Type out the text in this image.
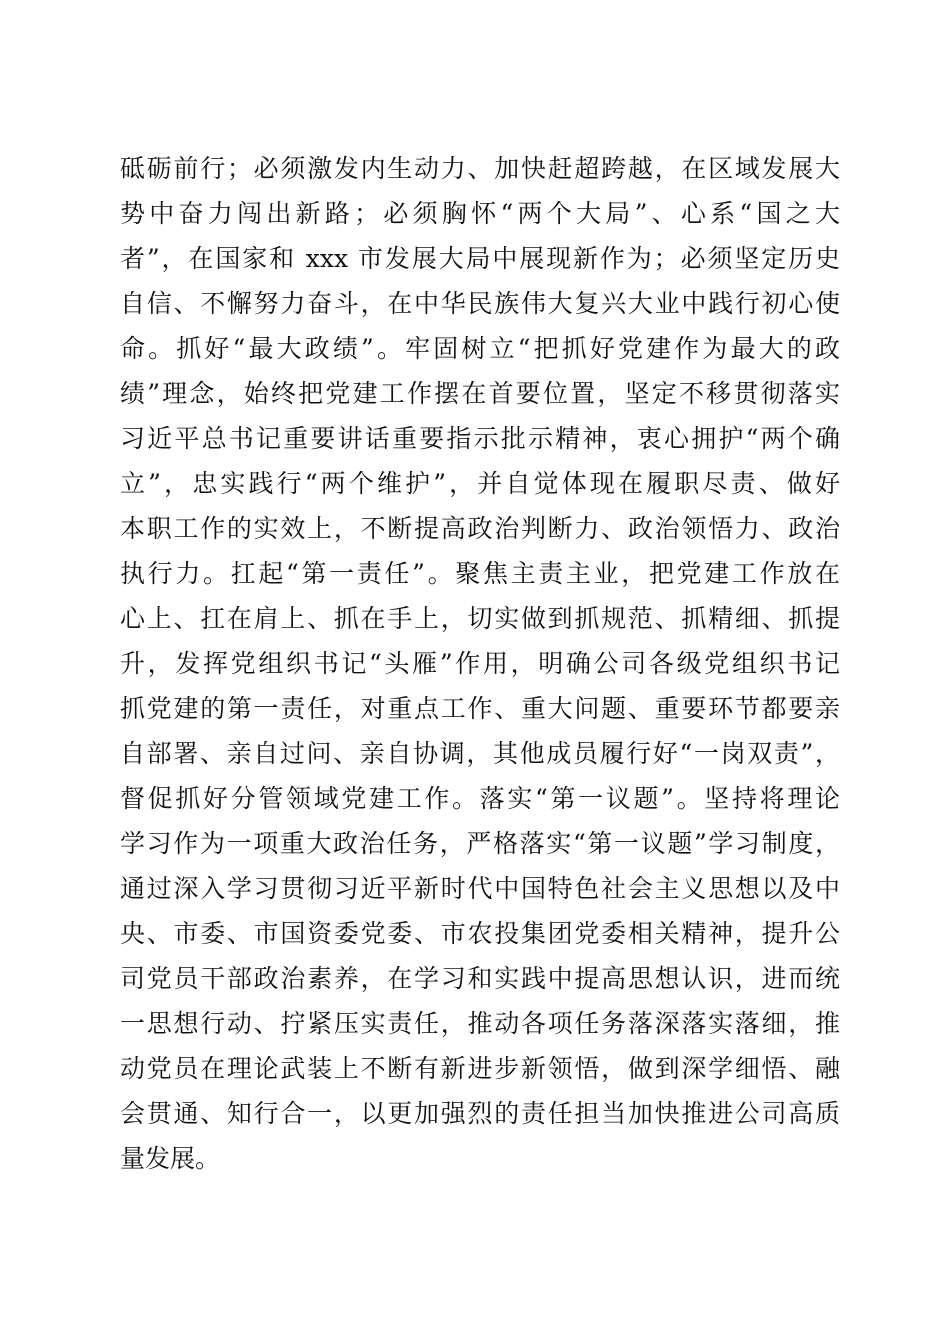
砥砺前行；必须激发内生动力、加快赶超跨越，在区域发展大
势中奋力闯出新路；必须胸怀“两个大局”、心系“国之大
者”，在国家和 xxx 市发展大局中展现新作为；必须坚定历史
自信、不懈努力奋斗，在中华民族伟大复兴大业中践行初心使
命。抓好“最大政绩”。牢固树立“把抓好党建作为最大的政
绩”理念，始终把党建工作摆在首要位置，坚定不移贯彻落实
习近平总书记重要讲话重要指示批示精神，衷心拥护“两个确
立”，忠实践行“两个维护”，并自觉体现在履职尽责、做好
本职工作的实效上，不断提高政治判断力、政治领悟力、政治
执行力。扛起“第一责任”。聚焦主责主业，把党建工作放在
心上、扛在肩上、抓在手上，切实做到抓规范、抓精细、抓提
升，发挥党组织书记“头雁”作用，明确公司各级党组织书记
抓党建的第一责任，对重点工作、重大问题、重要环节都要亲
自部署、亲自过问、亲自协调，其他成员履行好“一岗双责”，
督促抓好分管领域党建工作。落实“第一议题”。坚持将理论
学习作为一项重大政治任务，严格落实“第一议题”学习制度，
通过深入学习贯彻习近平新时代中国特色社会主义思想以及中
央、市委、市国资委党委、市农投集团党委相关精神，提升公
司党员干部政治素养，在学习和实践中提高思想认识，进而统
一思想行动、拧紧压实责任，推动各项任务落深落实落细，推
动党员在理论武装上不断有新进步新领悟，做到深学细悟、融
会贯通、知行合一，以更加强烈的责任担当加快推进公司高质
量发展。
